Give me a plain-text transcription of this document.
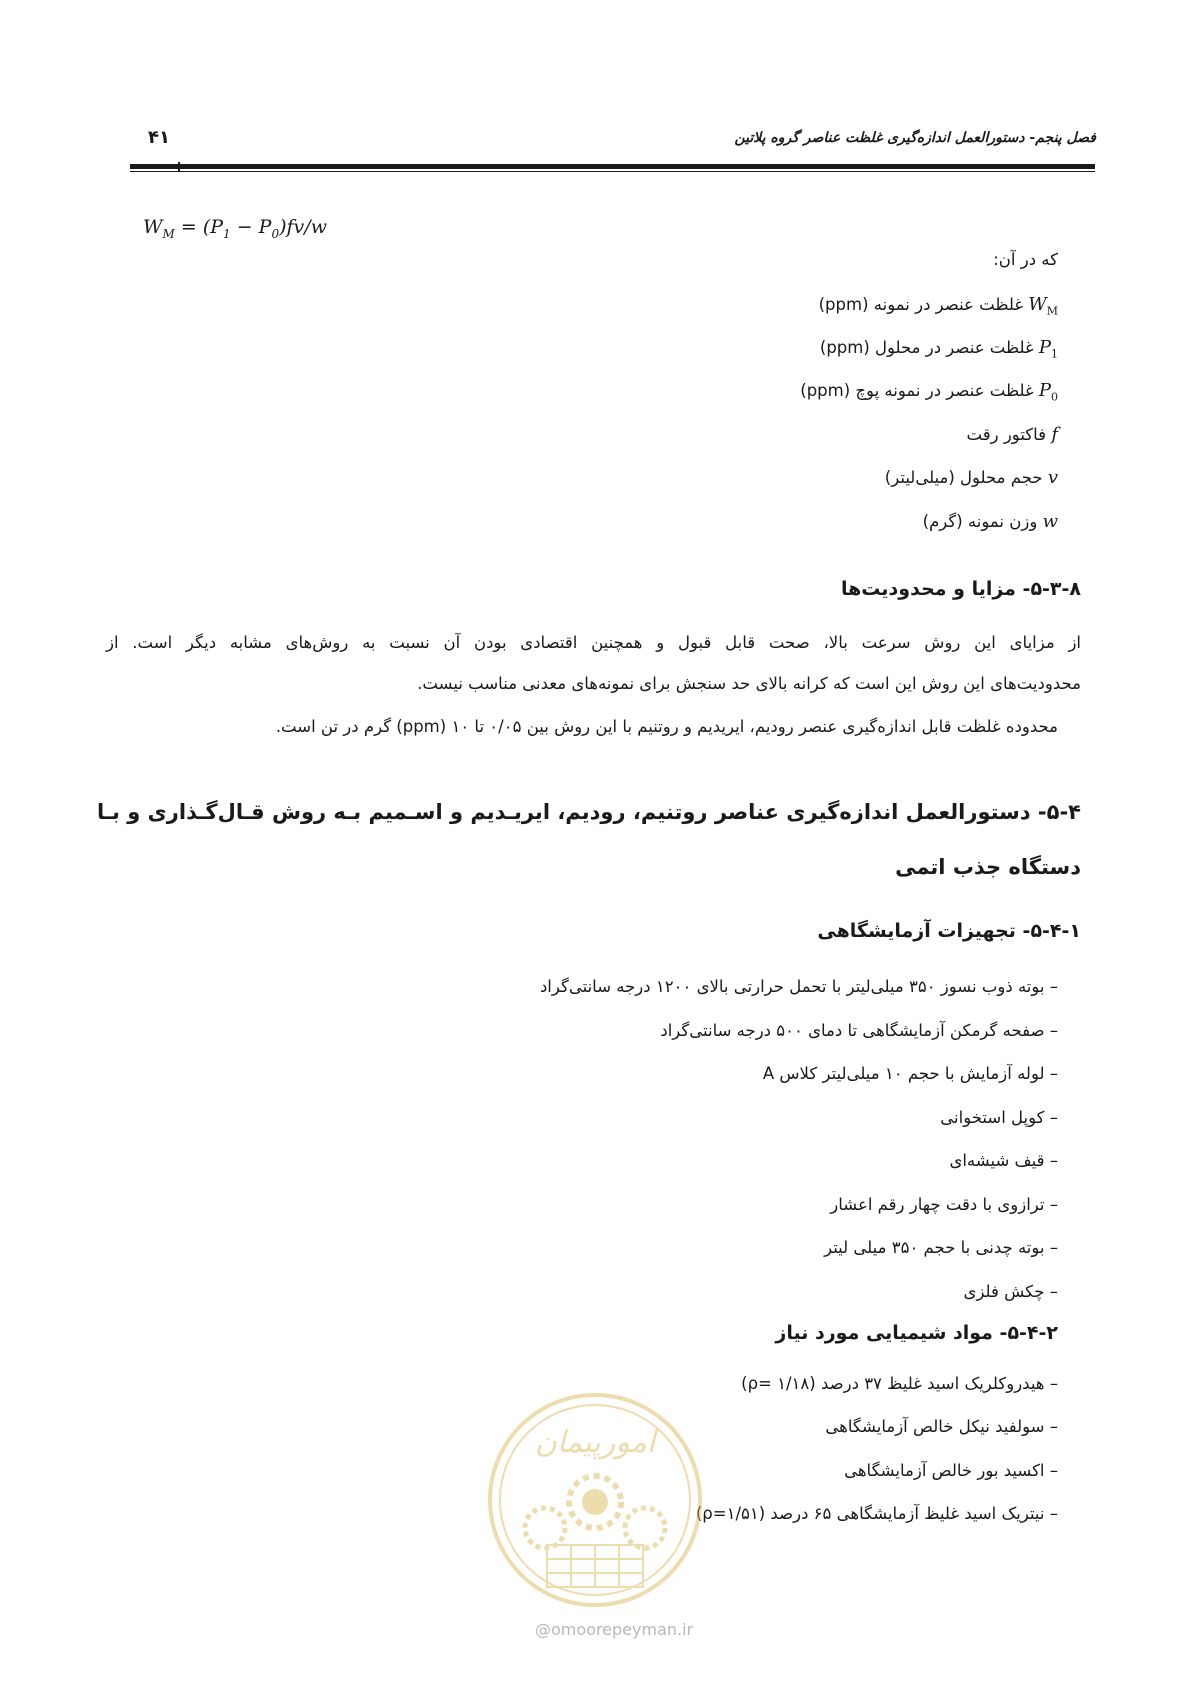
فصل پنجم- دستورالعمل اندازه‌گیری غلظت عناصر گروه پلاتین
۴۱
$W_M = (P_1 - P_0)fv/w$
که در آن:
$W_M$ غلظت عنصر در نمونه (ppm)
$P_1$ غلظت عنصر در محلول (ppm)
$P_0$ غلظت عنصر در نمونه پوچ (ppm)
f فاکتور رقت
v حجم محلول (میلی‌لیتر)
w وزن نمونه (گرم)
۵-۳-۸- مزایا و محدودیت‌ها
از مزایای این روش سرعت بالا، صحت قابل قبول و همچنین اقتصادی بودن آن نسبت به روش‌های مشابه دیگر است. از
محدودیت‌های این روش این است که کرانه بالای حد سنجش برای نمونه‌های معدنی مناسب نیست.
محدوده غلظت قابل اندازه‌گیری عنصر رودیم، ایریدیم و روتنیم با این روش بین ۰/۰۵ تا ۱۰ (ppm) گرم در تن است.
۵-۴- دستورالعمل اندازه‌گیری عناصر روتنیم، رودیم، ایریـدیم و اسـمیم بـه روش قـال‌گـذاری و بـا
دستگاه جذب اتمی
۵-۴-۱- تجهیزات آزمایشگاهی
– بوته ذوب نسوز ۳۵۰ میلی‌لیتر با تحمل حرارتی بالای ۱۲۰۰ درجه سانتی‌گراد
– صفحه گرمکن آزمایشگاهی تا دمای ۵۰۰ درجه سانتی‌گراد
– لوله آزمایش با حجم ۱۰ میلی‌لیتر کلاس A
– کوپل استخوانی
– قیف شیشه‌ای
– ترازوی با دقت چهار رقم اعشار
– بوته چدنی با حجم ۳۵۰ میلی لیتر
– چکش فلزی
۵-۴-۲- مواد شیمیایی مورد نیاز
– هیدروکلریک اسید غلیظ ۳۷ درصد (ρ= ۱/۱۸)
– سولفید نیکل خالص آزمایشگاهی
– اکسید بور خالص آزمایشگاهی
– نیتریک اسید غلیظ آزمایشگاهی ۶۵ درصد (ρ=۱/۵۱)
امورپیمان
@omoorepeyman.ir
